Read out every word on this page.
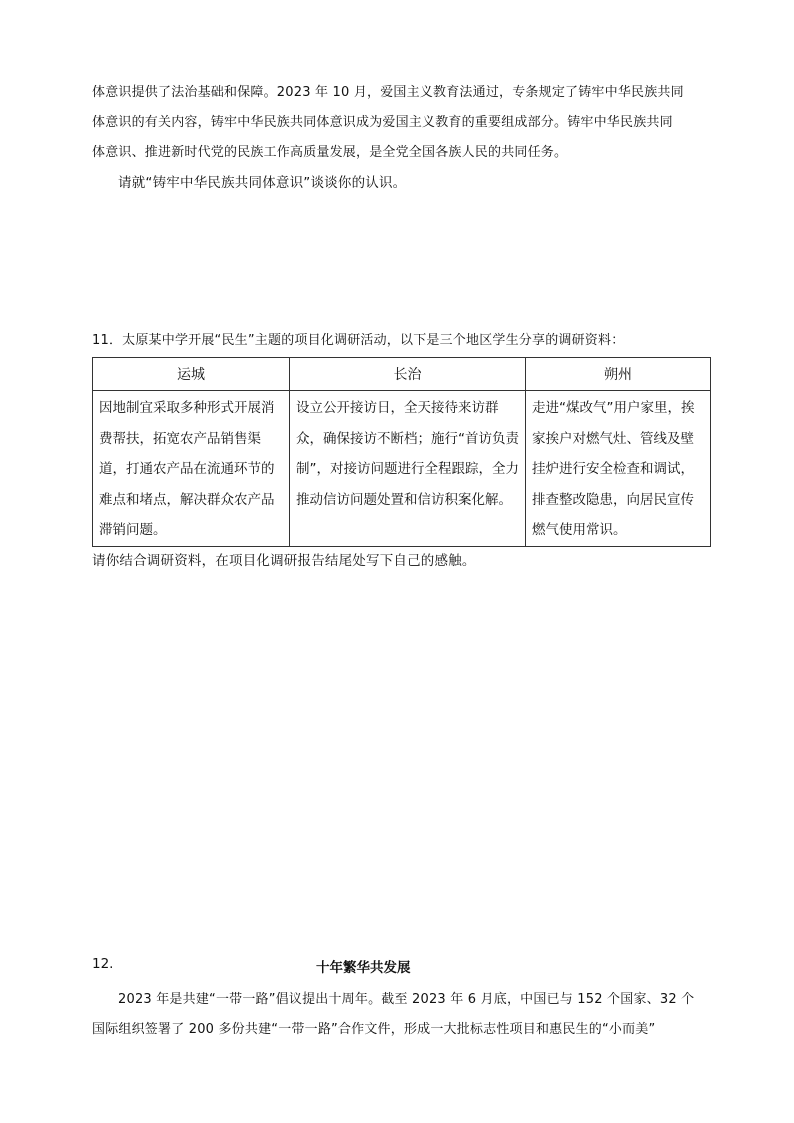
体意识提供了法治基础和保障。2023 年 10 月，爱国主义教育法通过，专条规定了铸牢中华民族共同
体意识的有关内容，铸牢中华民族共同体意识成为爱国主义教育的重要组成部分。铸牢中华民族共同
体意识、推进新时代党的民族工作高质量发展，是全党全国各族人民的共同任务。
请就“铸牢中华民族共同体意识”谈谈你的认识。
11．太原某中学开展“民生”主题的项目化调研活动，以下是三个地区学生分享的调研资料：
运城	长治	朔州
因地制宜采取多种形式开展消费帮扶，拓宽农产品销售渠道，打通农产品在流通环节的难点和堵点，解决群众农产品滞销问题。	设立公开接访日，全天接待来访群众，确保接访不断档；施行“首访负责制”，对接访问题进行全程跟踪，全力推动信访问题处置和信访积案化解。	走进“煤改气”用户家里，挨家挨户对燃气灶、管线及壁挂炉进行安全检查和调试，排查整改隐患，向居民宣传燃气使用常识。
请你结合调研资料，在项目化调研报告结尾处写下自己的感触。
12.	十年繁华共发展
2023 年是共建“一带一路”倡议提出十周年。截至 2023 年 6 月底，中国已与 152 个国家、32 个
国际组织签署了 200 多份共建“一带一路”合作文件，形成一大批标志性项目和惠民生的“小而美”
